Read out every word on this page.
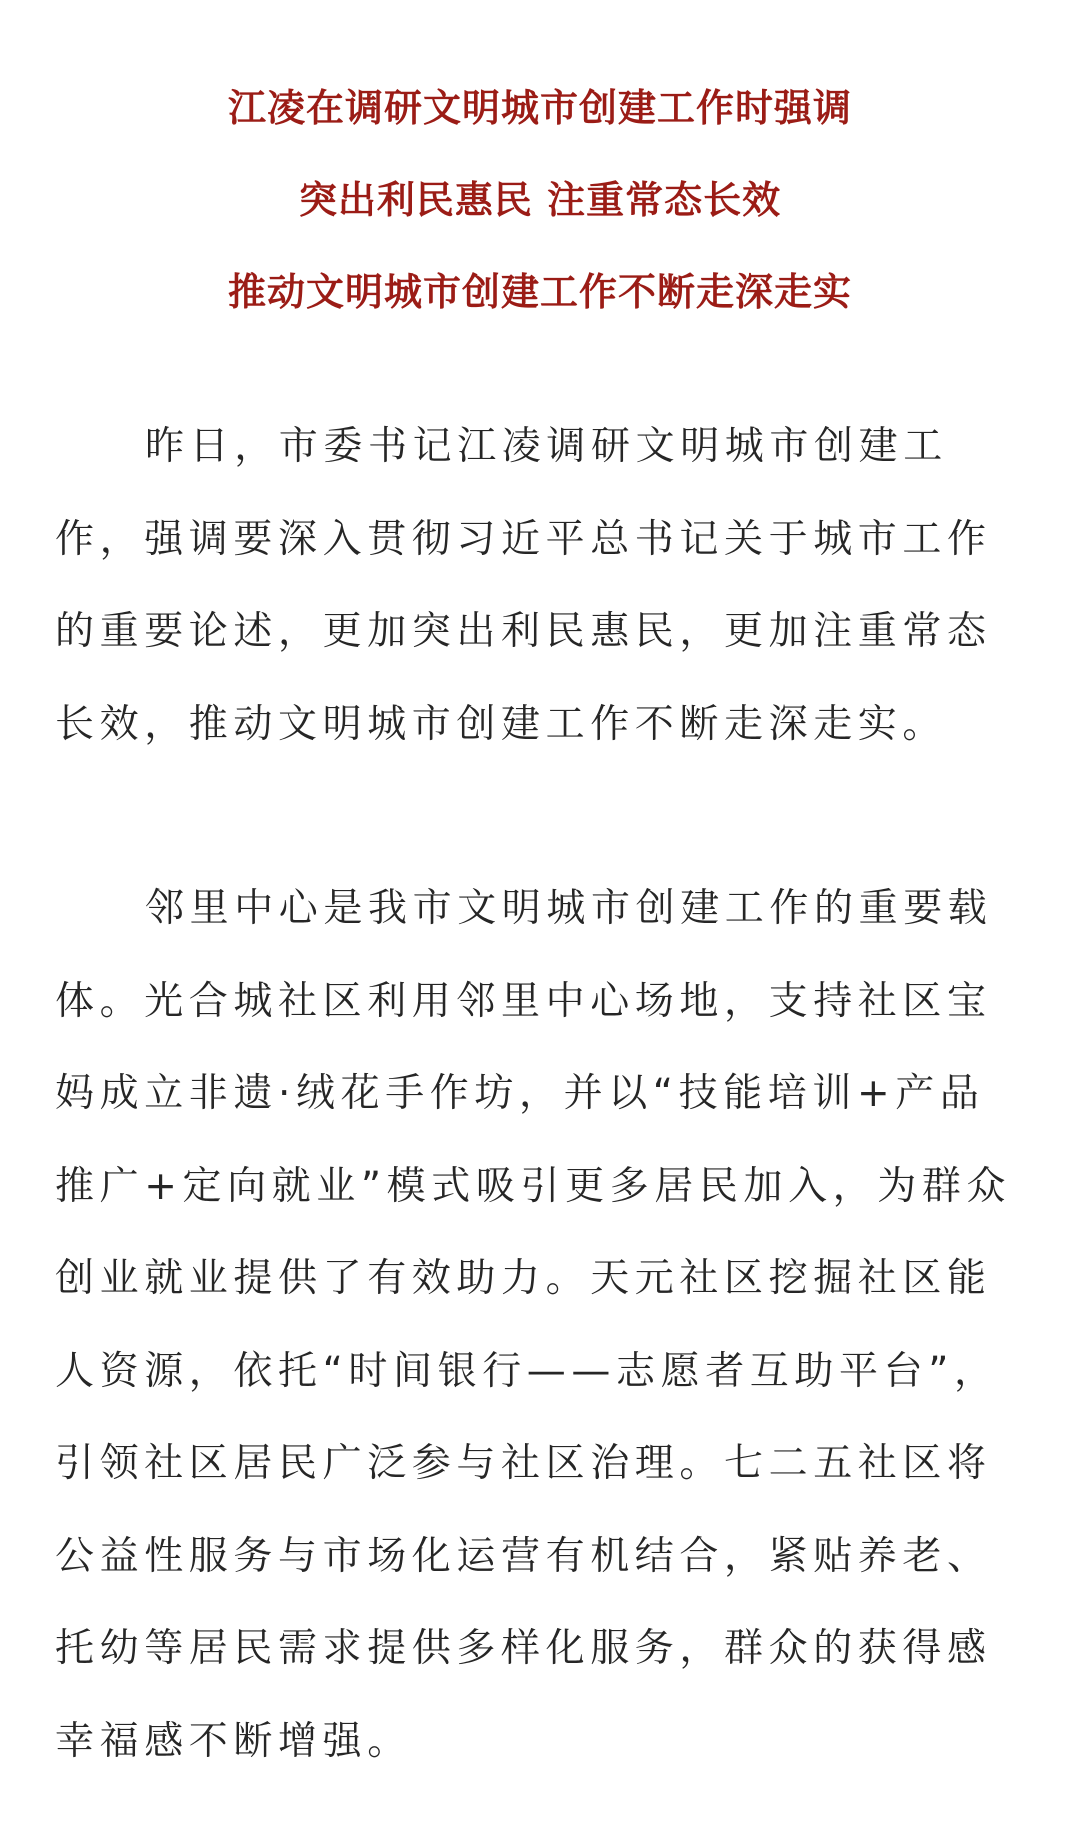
江凌在调研文明城市创建工作时强调
突出利民惠民 注重常态长效
推动文明城市创建工作不断走深走实

昨日，市委书记江凌调研文明城市创建工作，强调要深入贯彻习近平总书记关于城市工作的重要论述，更加突出利民惠民，更加注重常态长效，推动文明城市创建工作不断走深走实。

邻里中心是我市文明城市创建工作的重要载体。光合城社区利用邻里中心场地，支持社区宝妈成立非遗·绒花手作坊，并以“技能培训+产品推广+定向就业”模式吸引更多居民加入，为群众创业就业提供了有效助力。天元社区挖掘社区能人资源，依托“时间银行——志愿者互助平台”，引领社区居民广泛参与社区治理。七二五社区将公益性服务与市场化运营有机结合，紧贴养老、托幼等居民需求提供多样化服务，群众的获得感幸福感不断增强。
